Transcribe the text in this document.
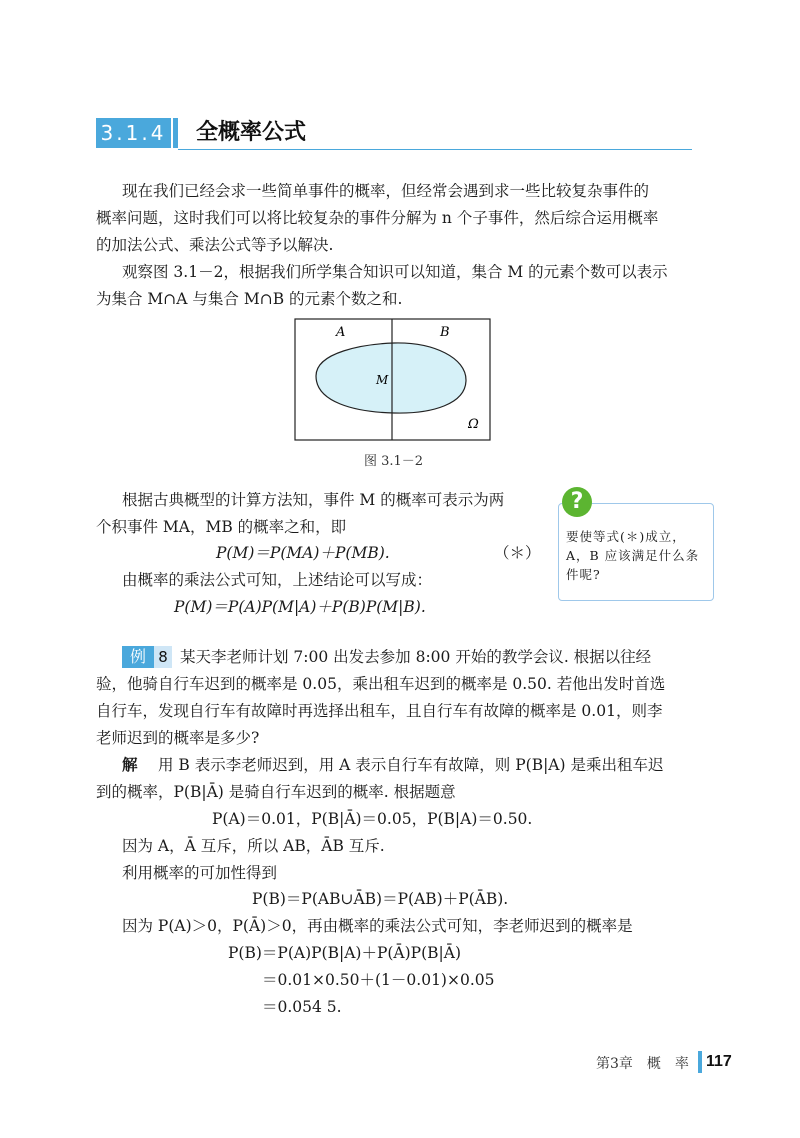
3.1.4 全概率公式
现在我们已经会求一些简单事件的概率，但经常会遇到求一些比较复杂事件的
概率问题，这时我们可以将比较复杂的事件分解为 n 个子事件，然后综合运用概率
的加法公式、乘法公式等予以解决.
观察图 3.1－2，根据我们所学集合知识可以知道，集合 M 的元素个数可以表示
为集合 M∩A 与集合 M∩B 的元素个数之和.
A	B
M
Ω
图 3.1－2
根据古典概型的计算方法知，事件 M 的概率可表示为两
个积事件 MA，MB 的概率之和，即
P(M)＝P(MA)＋P(MB).	（＊）
由概率的乘法公式可知，上述结论可以写成：
P(M)＝P(A)P(M|A)＋P(B)P(M|B).
?
要使等式(＊)成立，A，B 应该满足什么条件呢?
例 8 某天李老师计划 7:00 出发去参加 8:00 开始的教学会议. 根据以往经
验，他骑自行车迟到的概率是 0.05，乘出租车迟到的概率是 0.50. 若他出发时首选
自行车，发现自行车有故障时再选择出租车，且自行车有故障的概率是 0.01，则李
老师迟到的概率是多少?
解 用 B 表示李老师迟到，用 A 表示自行车有故障，则 P(B|A) 是乘出租车迟
到的概率，P(B|Ā) 是骑自行车迟到的概率. 根据题意
P(A)＝0.01，P(B|Ā)＝0.05，P(B|A)＝0.50.
因为 A，Ā 互斥，所以 AB，ĀB 互斥.
利用概率的可加性得到
P(B)＝P(AB∪ĀB)＝P(AB)＋P(ĀB).
因为 P(A)＞0，P(Ā)＞0，再由概率的乘法公式可知，李老师迟到的概率是
P(B)＝P(A)P(B|A)＋P(Ā)P(B|Ā)
＝0.01×0.50＋(1－0.01)×0.05
＝0.054 5.
第3章　概　率 117
